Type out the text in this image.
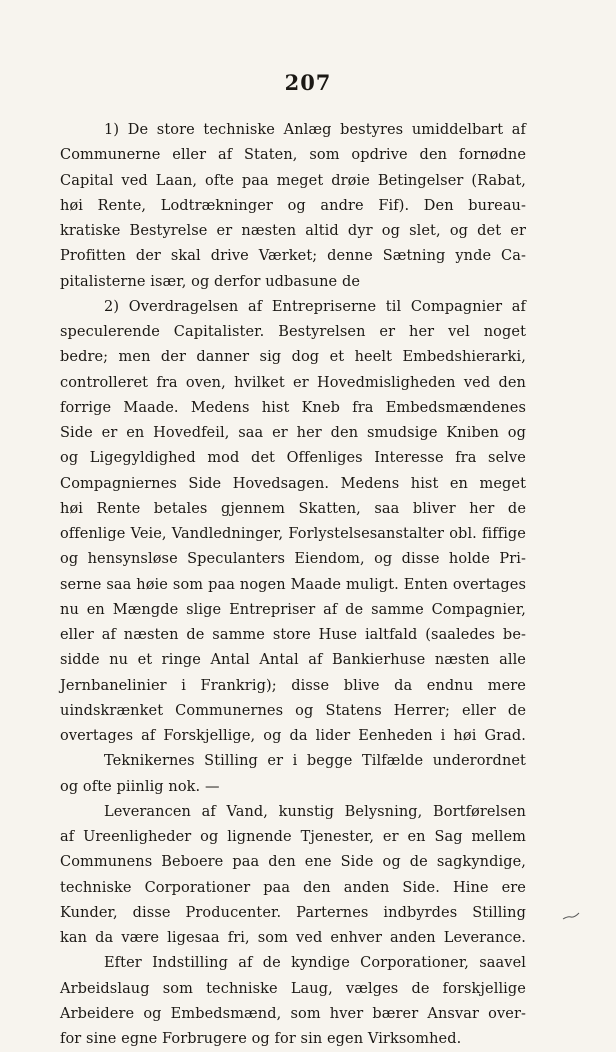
207
1) De store techniske Anlæg bestyres umiddelbart af
Communerne eller af Staten, som opdrive den fornødne
Capital ved Laan, ofte paa meget drøie Betingelser (Rabat,
høi Rente, Lodtrækninger og andre Fif). Den bureau-
kratiske Bestyrelse er næsten altid dyr og slet, og det er
Profitten der skal drive Værket; denne Sætning ynde Ca-
pitalisterne især, og derfor udbasune de
2) Overdragelsen af Entrepriserne til Compagnier af
speculerende Capitalister. Bestyrelsen er her vel noget
bedre; men der danner sig dog et heelt Embedshierarki,
controlleret fra oven, hvilket er Hovedmisligheden ved den
forrige Maade. Medens hist Kneb fra Embedsmændenes
Side er en Hovedfeil, saa er her den smudsige Kniben og
og Ligegyldighed mod det Offenliges Interesse fra selve
Compagniernes Side Hovedsagen. Medens hist en meget
høi Rente betales gjennem Skatten, saa bliver her de
offenlige Veie, Vandledninger, Forlystelsesanstalter obl. fiffige
og hensynsløse Speculanters Eiendom, og disse holde Pri-
serne saa høie som paa nogen Maade muligt. Enten overtages
nu en Mængde slige Entrepriser af de samme Compagnier,
eller af næsten de samme store Huse ialtfald (saaledes be-
sidde nu et ringe Antal Antal af Bankierhuse næsten alle
Jernbanelinier i Frankrig); disse blive da endnu mere
uindskrænket Communernes og Statens Herrer; eller de
overtages af Forskjellige, og da lider Eenheden i høi Grad.
Teknikernes Stilling er i begge Tilfælde underordnet
og ofte piinlig nok. —
Leverancen af Vand, kunstig Belysning, Bortførelsen
af Ureenligheder og lignende Tjenester, er en Sag mellem
Communens Beboere paa den ene Side og de sagkyndige,
techniske Corporationer paa den anden Side. Hine ere
Kunder, disse Producenter. Parternes indbyrdes Stilling
kan da være ligesaa fri, som ved enhver anden Leverance.
Efter Indstilling af de kyndige Corporationer, saavel
Arbeidslaug som techniske Laug, vælges de forskjellige
Arbeidere og Embedsmænd, som hver bærer Ansvar over-
for sine egne Forbrugere og for sin egen Virksomhed.
